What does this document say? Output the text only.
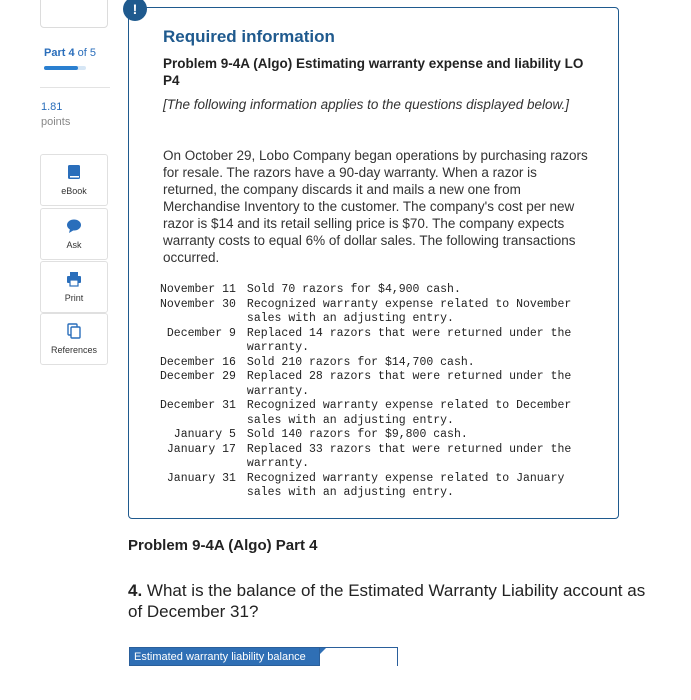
Part 4 of 5
1.81
points
eBook
Ask
Print
References
!
Required information
Problem 9-4A (Algo) Estimating warranty expense and liability LO P4
[The following information applies to the questions displayed below.]
On October 29, Lobo Company began operations by purchasing razors for resale. The razors have a 90-day warranty. When a razor is returned, the company discards it and mails a new one from Merchandise Inventory to the customer. The company's cost per new razor is $14 and its retail selling price is $70. The company expects warranty costs to equal 6% of dollar sales. The following transactions occurred.
November 11	Sold 70 razors for $4,900 cash.
November 30	Recognized warranty expense related to November sales with an adjusting entry.
December 9	Replaced 14 razors that were returned under the warranty.
December 16	Sold 210 razors for $14,700 cash.
December 29	Replaced 28 razors that were returned under the warranty.
December 31	Recognized warranty expense related to December sales with an adjusting entry.
January 5	Sold 140 razors for $9,800 cash.
January 17	Replaced 33 razors that were returned under the warranty.
January 31	Recognized warranty expense related to January sales with an adjusting entry.
Problem 9-4A (Algo) Part 4
4. What is the balance of the Estimated Warranty Liability account as of December 31?
Estimated warranty liability balance
